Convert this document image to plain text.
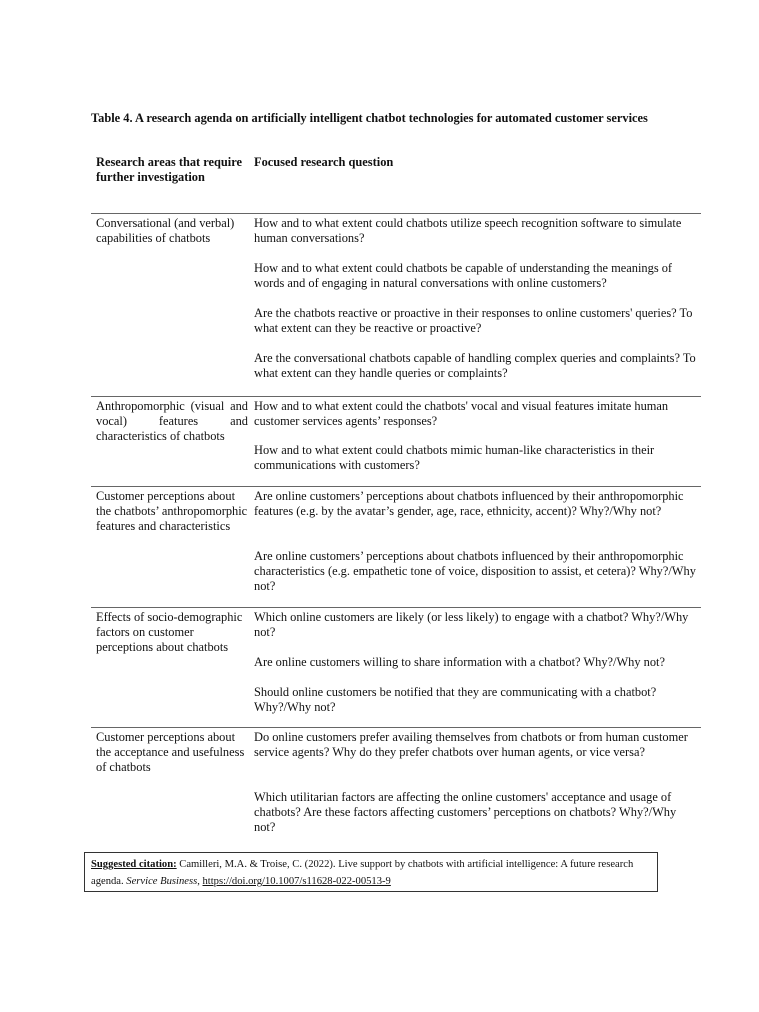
Table 4. A research agenda on artificially intelligent chatbot technologies for automated customer services
Research areas that require further investigation
Focused research question
Conversational (and verbal) capabilities of chatbots
How and to what extent could chatbots utilize speech recognition software to simulate human conversations?
How and to what extent could chatbots be capable of understanding the meanings of words and of engaging in natural conversations with online customers?
Are the chatbots reactive or proactive in their responses to online customers' queries? To what extent can they be reactive or proactive?
Are the conversational chatbots capable of handling complex queries and complaints? To what extent can they handle queries or complaints?
Anthropomorphic (visual and vocal) features and characteristics of chatbots
How and to what extent could the chatbots' vocal and visual features imitate human customer services agents’ responses?
How and to what extent could chatbots mimic human-like characteristics in their communications with customers?
Customer perceptions about the chatbots’ anthropomorphic features and characteristics
Are online customers’ perceptions about chatbots influenced by their anthropomorphic features (e.g. by the avatar’s gender, age, race, ethnicity, accent)? Why?/Why not?
Are online customers’ perceptions about chatbots influenced by their anthropomorphic characteristics (e.g. empathetic tone of voice, disposition to assist, et cetera)? Why?/Why not?
Effects of socio-demographic factors on customer perceptions about chatbots
Which online customers are likely (or less likely) to engage with a chatbot? Why?/Why not?
Are online customers willing to share information with a chatbot? Why?/Why not?
Should online customers be notified that they are communicating with a chatbot? Why?/Why not?
Customer perceptions about the acceptance and usefulness of chatbots
Do online customers prefer availing themselves from chatbots or from human customer service agents? Why do they prefer chatbots over human agents, or vice versa?
Which utilitarian factors are affecting the online customers' acceptance and usage of chatbots? Are these factors affecting customers’ perceptions on chatbots? Why?/Why not?
Suggested citation: Camilleri, M.A. & Troise, C. (2022). Live support by chatbots with artificial intelligence: A future research agenda. Service Business, https://doi.org/10.1007/s11628-022-00513-9
